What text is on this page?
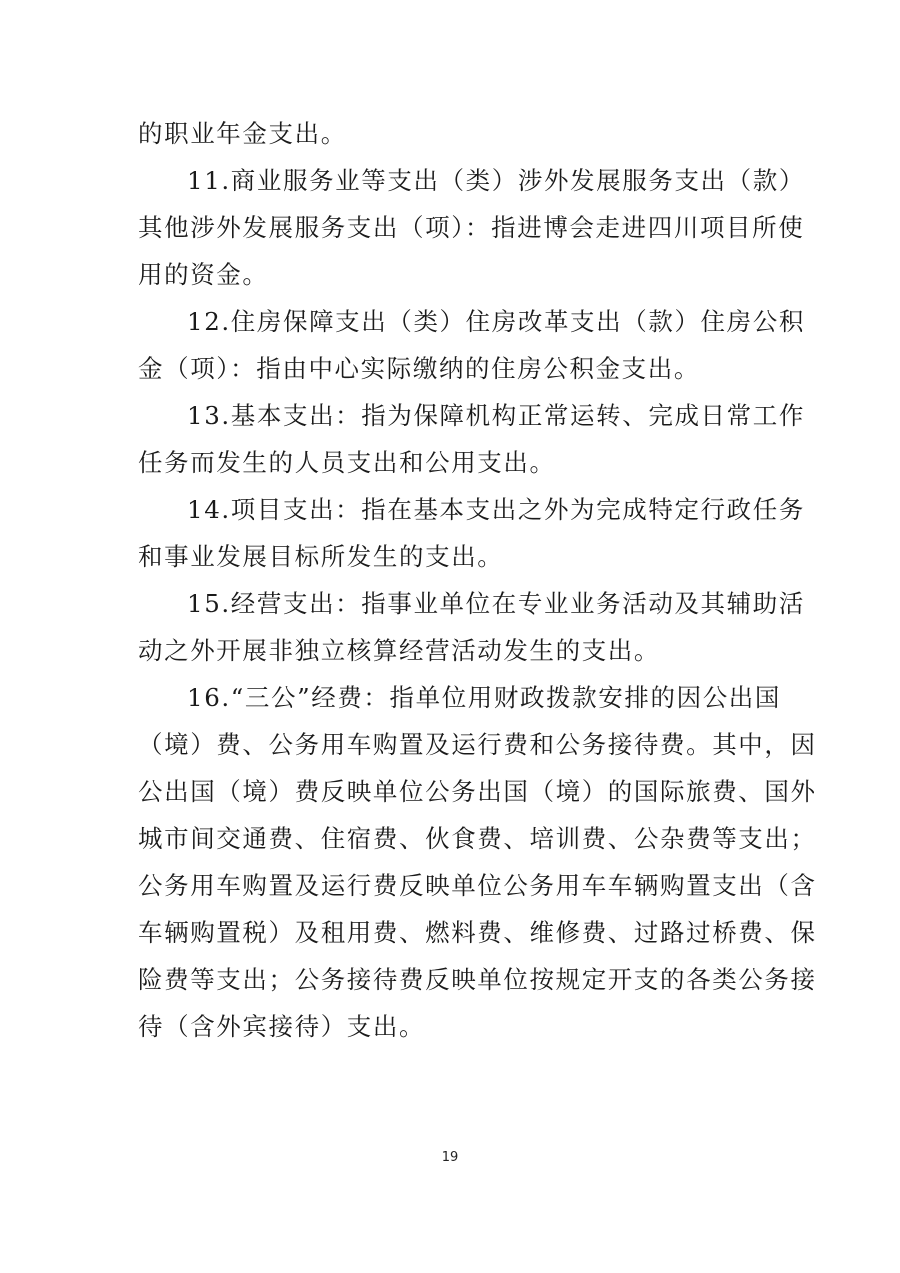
的职业年金支出。
11.商业服务业等支出（类）涉外发展服务支出（款）
其他涉外发展服务支出（项）：指进博会走进四川项目所使
用的资金。
12.住房保障支出（类）住房改革支出（款）住房公积
金（项）：指由中心实际缴纳的住房公积金支出。
13.基本支出：指为保障机构正常运转、完成日常工作
任务而发生的人员支出和公用支出。
14.项目支出：指在基本支出之外为完成特定行政任务
和事业发展目标所发生的支出。
15.经营支出：指事业单位在专业业务活动及其辅助活
动之外开展非独立核算经营活动发生的支出。
16.“三公”经费：指单位用财政拨款安排的因公出国
（境）费、公务用车购置及运行费和公务接待费。其中，因
公出国（境）费反映单位公务出国（境）的国际旅费、国外
城市间交通费、住宿费、伙食费、培训费、公杂费等支出；
公务用车购置及运行费反映单位公务用车车辆购置支出（含
车辆购置税）及租用费、燃料费、维修费、过路过桥费、保
险费等支出；公务接待费反映单位按规定开支的各类公务接
待（含外宾接待）支出。
19
